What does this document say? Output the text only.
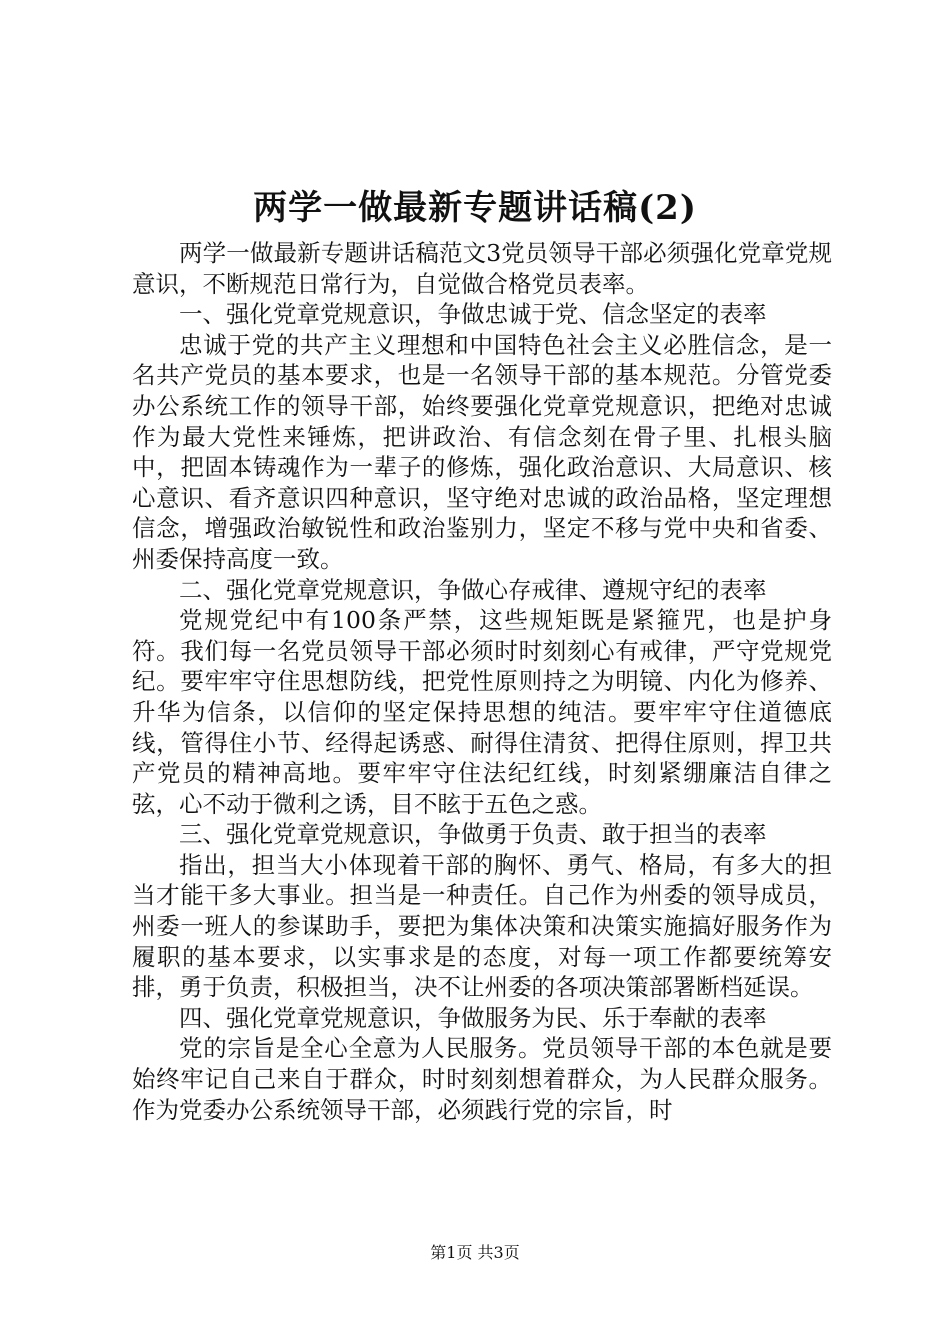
两学一做最新专题讲话稿(2)

两学一做最新专题讲话稿范文3党员领导干部必须强化党章党规意识，不断规范日常行为，自觉做合格党员表率。

一、强化党章党规意识，争做忠诚于党、信念坚定的表率

忠诚于党的共产主义理想和中国特色社会主义必胜信念，是一名共产党员的基本要求，也是一名领导干部的基本规范。分管党委办公系统工作的领导干部，始终要强化党章党规意识，把绝对忠诚作为最大党性来锤炼，把讲政治、有信念刻在骨子里、扎根头脑中，把固本铸魂作为一辈子的修炼，强化政治意识、大局意识、核心意识、看齐意识四种意识，坚守绝对忠诚的政治品格，坚定理想信念，增强政治敏锐性和政治鉴别力，坚定不移与党中央和省委、州委保持高度一致。

二、强化党章党规意识，争做心存戒律、遵规守纪的表率

党规党纪中有100条严禁，这些规矩既是紧箍咒，也是护身符。我们每一名党员领导干部必须时时刻刻心有戒律，严守党规党纪。要牢牢守住思想防线，把党性原则持之为明镜、内化为修养、升华为信条，以信仰的坚定保持思想的纯洁。要牢牢守住道德底线，管得住小节、经得起诱惑、耐得住清贫、把得住原则，捍卫共产党员的精神高地。要牢牢守住法纪红线，时刻紧绷廉洁自律之弦，心不动于微利之诱，目不眩于五色之惑。

三、强化党章党规意识，争做勇于负责、敢于担当的表率

指出，担当大小体现着干部的胸怀、勇气、格局，有多大的担当才能干多大事业。担当是一种责任。自己作为州委的领导成员，州委一班人的参谋助手，要把为集体决策和决策实施搞好服务作为履职的基本要求，以实事求是的态度，对每一项工作都要统筹安排，勇于负责，积极担当，决不让州委的各项决策部署断档延误。

四、强化党章党规意识，争做服务为民、乐于奉献的表率

党的宗旨是全心全意为人民服务。党员领导干部的本色就是要始终牢记自己来自于群众，时时刻刻想着群众，为人民群众服务。作为党委办公系统领导干部，必须践行党的宗旨，时

第1页 共3页
